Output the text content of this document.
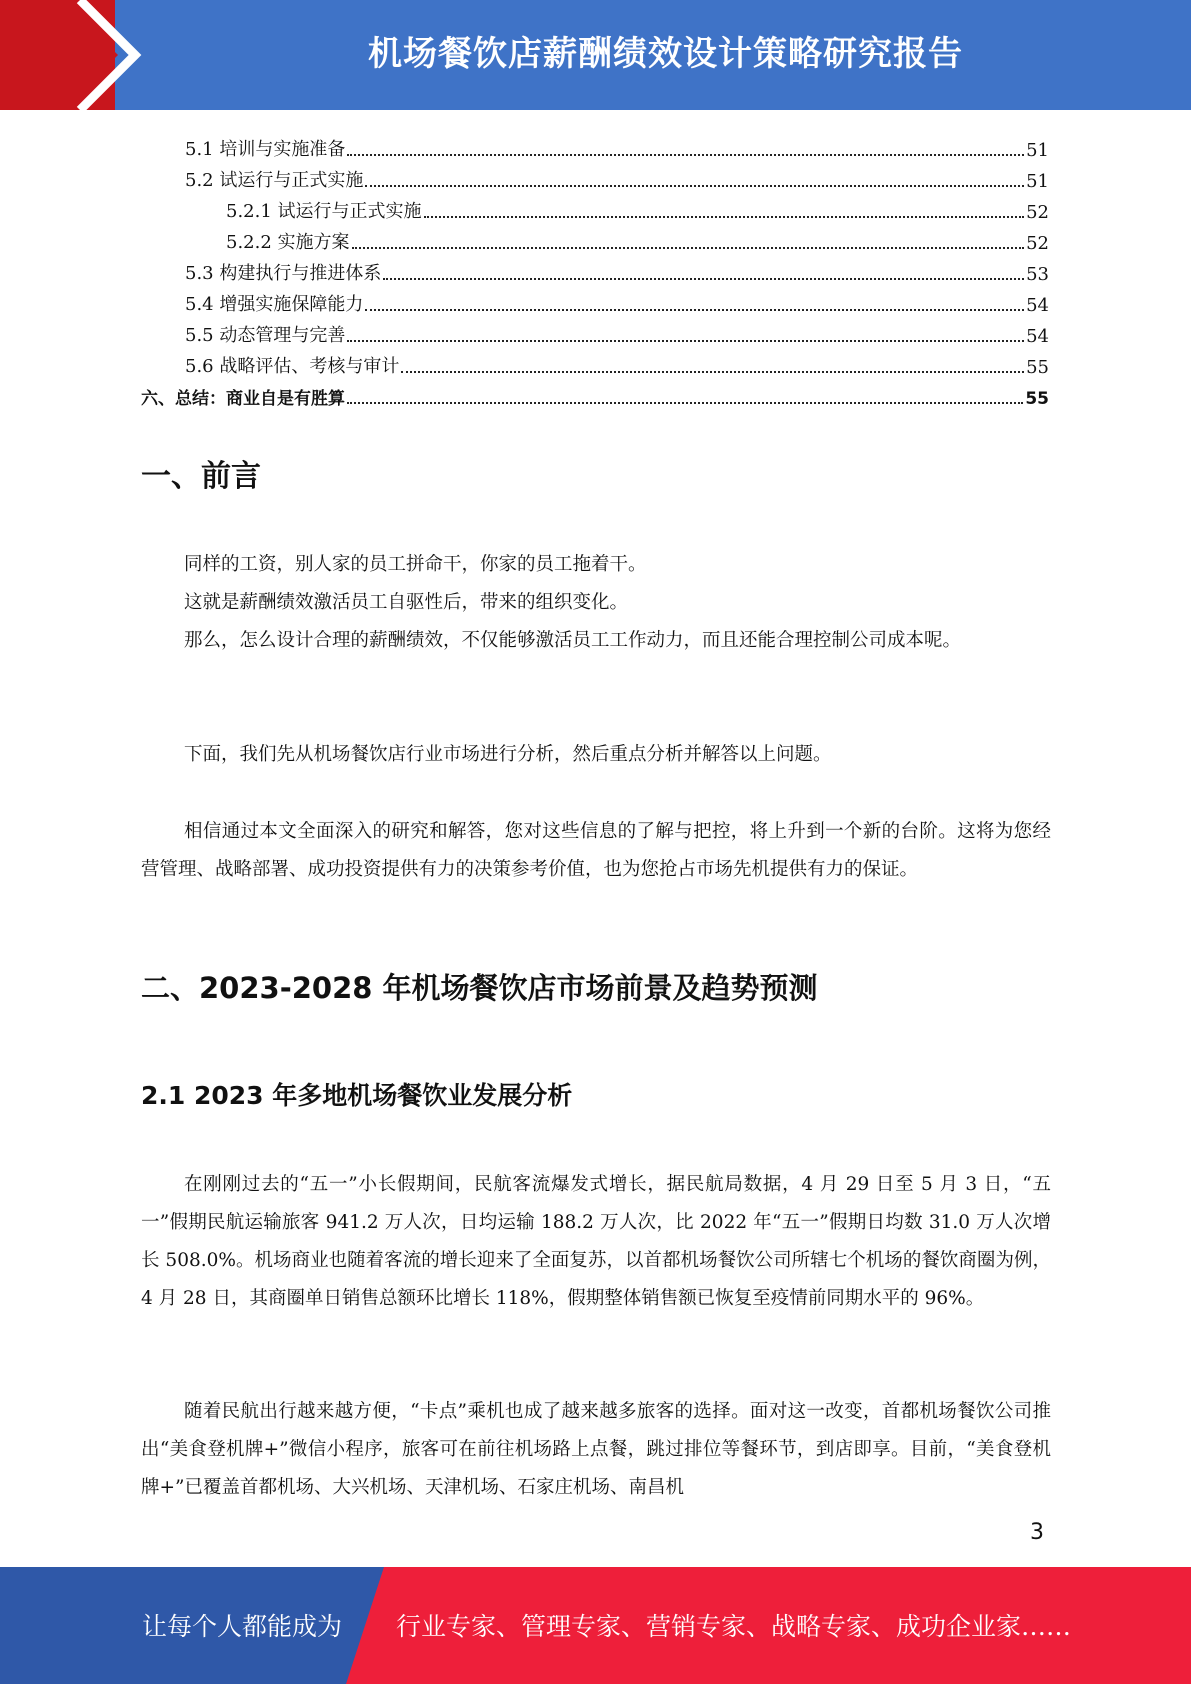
机场餐饮店薪酬绩效设计策略研究报告
5.1 培训与实施准备	51
5.2 试运行与正式实施	51
5.2.1 试运行与正式实施	52
5.2.2 实施方案	52
5.3 构建执行与推进体系	53
5.4 增强实施保障能力	54
5.5 动态管理与完善	54
5.6 战略评估、考核与审计	55
六、总结：商业自是有胜算	55
一、前言

同样的工资，别人家的员工拼命干，你家的员工拖着干。

这就是薪酬绩效激活员工自驱性后，带来的组织变化。

那么，怎么设计合理的薪酬绩效，不仅能够激活员工工作动力，而且还能合理控制公司成本呢。

下面，我们先从机场餐饮店行业市场进行分析，然后重点分析并解答以上问题。

相信通过本文全面深入的研究和解答，您对这些信息的了解与把控，将上升到一个新的台阶。这将为您经营管理、战略部署、成功投资提供有力的决策参考价值，也为您抢占市场先机提供有力的保证。

二、2023-2028 年机场餐饮店市场前景及趋势预测
2.1 2023 年多地机场餐饮业发展分析

在刚刚过去的“五一”小长假期间，民航客流爆发式增长，据民航局数据，4 月 29 日至 5 月 3 日，“五一”假期民航运输旅客 941.2 万人次，日均运输 188.2 万人次，比 2022 年“五一”假期日均数 31.0 万人次增长 508.0%。机场商业也随着客流的增长迎来了全面复苏，以首都机场餐饮公司所辖七个机场的餐饮商圈为例，4 月 28 日，其商圈单日销售总额环比增长 118%，假期整体销售额已恢复至疫情前同期水平的 96%。

随着民航出行越来越方便，“卡点”乘机也成了越来越多旅客的选择。面对这一改变，首都机场餐饮公司推出“美食登机牌+”微信小程序，旅客可在前往机场路上点餐，跳过排位等餐环节，到店即享。目前，“美食登机牌+”已覆盖首都机场、大兴机场、天津机场、石家庄机场、南昌机

3
让每个人都能成为 行业专家、管理专家、营销专家、战略专家、成功企业家……
